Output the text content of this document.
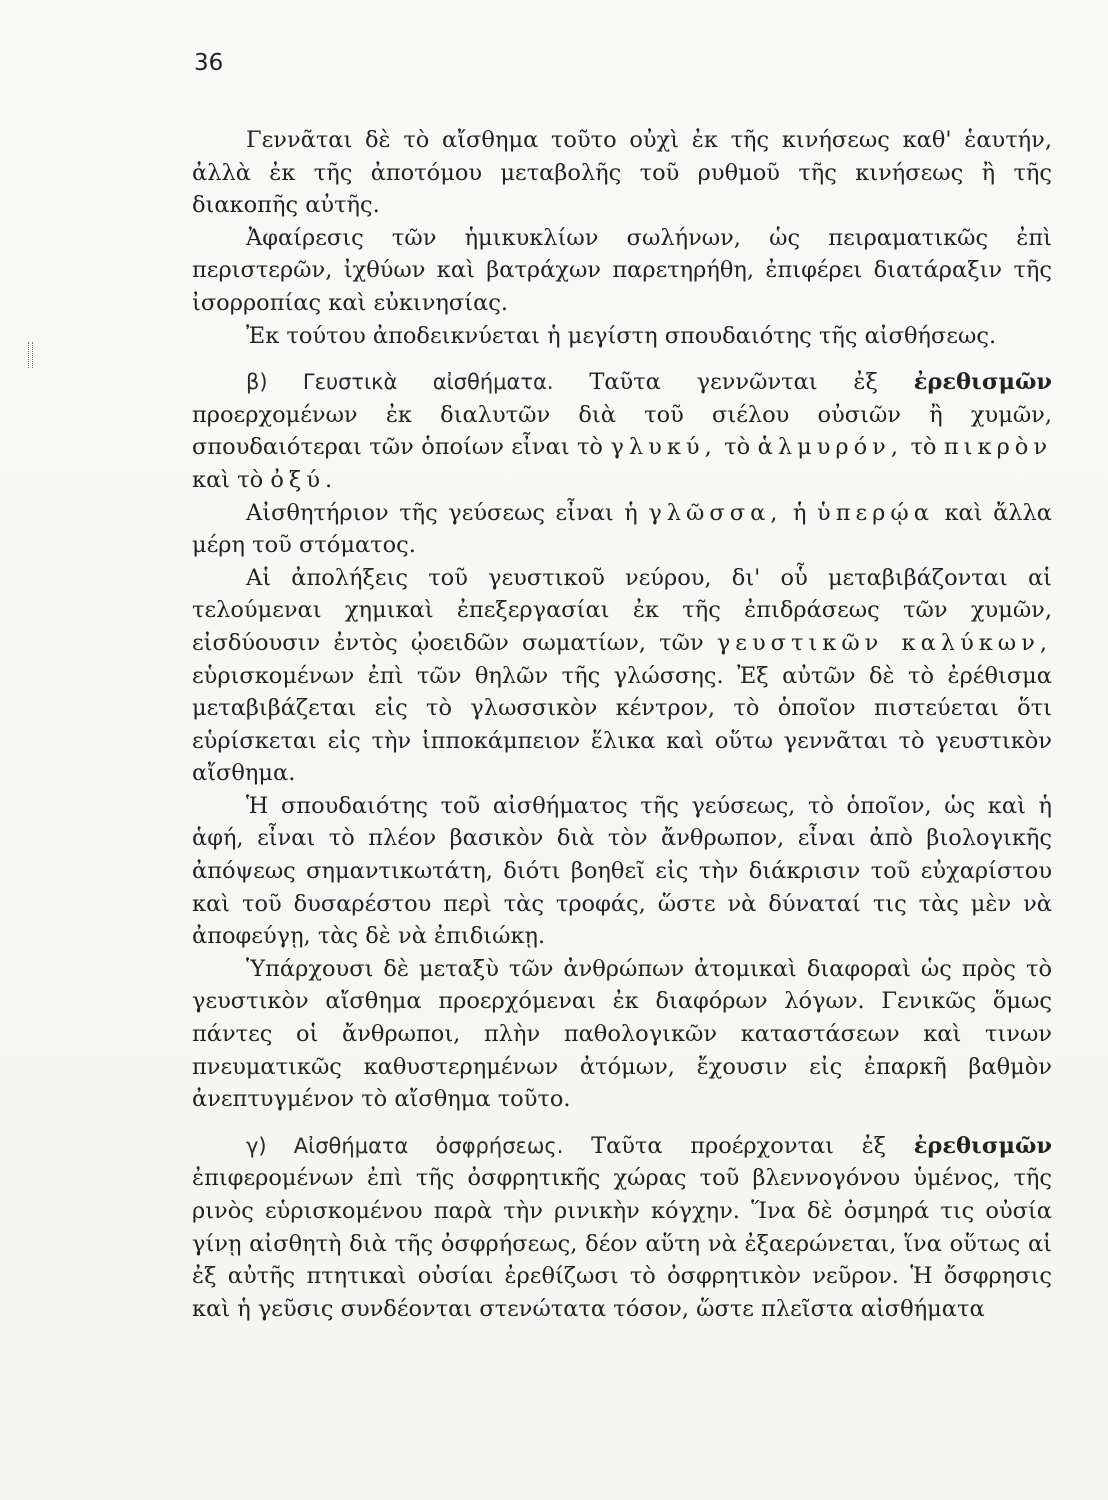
36

Γεννᾶται δὲ τὸ αἴσθημα τοῦτο οὐχὶ ἐκ τῆς κινήσεως καθ' ἑαυτήν, ἀλλὰ ἐκ τῆς ἀποτόμου μεταβολῆς τοῦ ρυθμοῦ τῆς κινήσεως ἢ τῆς διακοπῆς αὐτῆς.

Ἀφαίρεσις τῶν ἡμικυκλίων σωλήνων, ὡς πειραματικῶς ἐπὶ περιστερῶν, ἰχθύων καὶ βατράχων παρετηρήθη, ἐπιφέρει διατάραξιν τῆς ἰσορροπίας καὶ εὐκινησίας.

Ἐκ τούτου ἀποδεικνύεται ἡ μεγίστη σπουδαιότης τῆς αἰσθήσεως.

β) Γευστικὰ αἰσθήματα. Ταῦτα γεννῶνται ἐξ ἐρεθισμῶν προερχομένων ἐκ διαλυτῶν διὰ τοῦ σιέλου οὐσιῶν ἢ χυμῶν, σπουδαιότεραι τῶν ὁποίων εἶναι τὸ γλυκύ, τὸ ἁλμυρόν, τὸ πικρὸν καὶ τὸ ὀξύ.

Αἰσθητήριον τῆς γεύσεως εἶναι ἡ γλῶσσα, ἡ ὑπερῴα καὶ ἄλλα μέρη τοῦ στόματος.

Αἱ ἀπολήξεις τοῦ γευστικοῦ νεύρου, δι' οὗ μεταβιβάζονται αἱ τελούμεναι χημικαὶ ἐπεξεργασίαι ἐκ τῆς ἐπιδράσεως τῶν χυμῶν, εἰσδύουσιν ἐντὸς ᾠοειδῶν σωματίων, τῶν γευστικῶν καλύκων, εὑρισκομένων ἐπὶ τῶν θηλῶν τῆς γλώσσης. Ἐξ αὐτῶν δὲ τὸ ἐρέθισμα μεταβιβάζεται εἰς τὸ γλωσσικὸν κέντρον, τὸ ὁποῖον πιστεύεται ὅτι εὑρίσκεται εἰς τὴν ἱπποκάμπειον ἕλικα καὶ οὕτω γεννᾶται τὸ γευστικὸν αἴσθημα.

Ἡ σπουδαιότης τοῦ αἰσθήματος τῆς γεύσεως, τὸ ὁποῖον, ὡς καὶ ἡ ἁφή, εἶναι τὸ πλέον βασικὸν διὰ τὸν ἄνθρωπον, εἶναι ἀπὸ βιολογικῆς ἀπόψεως σημαντικωτάτη, διότι βοηθεῖ εἰς τὴν διάκρισιν τοῦ εὐχαρίστου καὶ τοῦ δυσαρέστου περὶ τὰς τροφάς, ὥστε νὰ δύναταί τις τὰς μὲν νὰ ἀποφεύγῃ, τὰς δὲ νὰ ἐπιδιώκῃ.

Ὑπάρχουσι δὲ μεταξὺ τῶν ἀνθρώπων ἀτομικαὶ διαφοραὶ ὡς πρὸς τὸ γευστικὸν αἴσθημα προερχόμεναι ἐκ διαφόρων λόγων. Γενικῶς ὅμως πάντες οἱ ἄνθρωποι, πλὴν παθολογικῶν καταστάσεων καὶ τινων πνευματικῶς καθυστερημένων ἀτόμων, ἔχουσιν εἰς ἐπαρκῆ βαθμὸν ἀνεπτυγμένον τὸ αἴσθημα τοῦτο.

γ) Αἰσθήματα ὀσφρήσεως. Ταῦτα προέρχονται ἐξ ἐρεθισμῶν ἐπιφερομένων ἐπὶ τῆς ὀσφρητικῆς χώρας τοῦ βλεννογόνου ὑμένος, τῆς ρινὸς εὑρισκομένου παρὰ τὴν ρινικὴν κόγχην. Ἵνα δὲ ὀσμηρά τις οὐσία γίνῃ αἰσθητὴ διὰ τῆς ὀσφρήσεως, δέον αὕτη νὰ ἐξαερώνεται, ἵνα οὕτως αἱ ἐξ αὐτῆς πτητικαὶ οὐσίαι ἐρεθίζωσι τὸ ὀσφρητικὸν νεῦρον. Ἡ ὄσφρησις καὶ ἡ γεῦσις συνδέονται στενώτατα τόσον, ὥστε πλεῖστα αἰσθήματα
